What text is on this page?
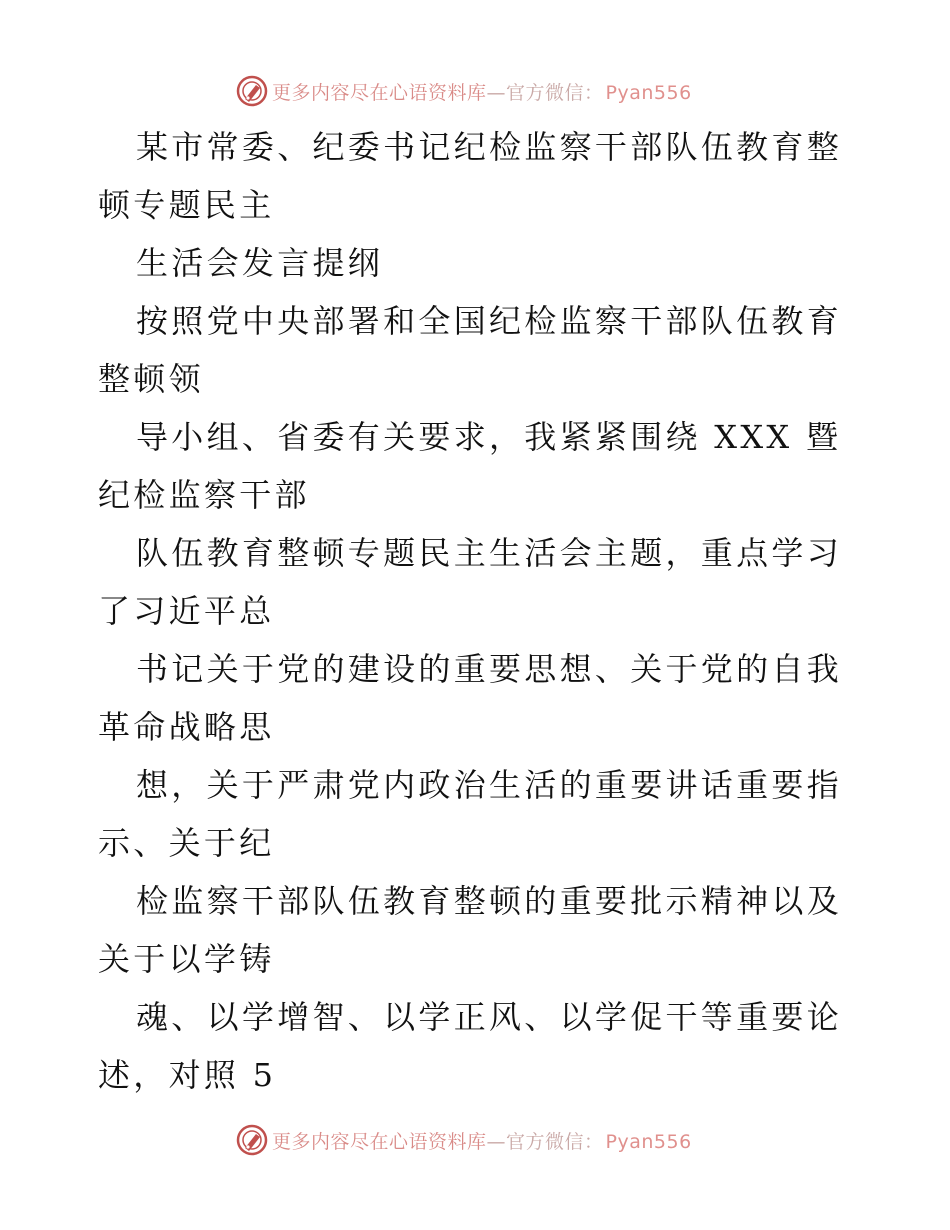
更多内容尽在心语资料库—官方微信： Pyan556

某市常委、纪委书记纪检监察干部队伍教育整顿专题民主

生活会发言提纲

按照党中央部署和全国纪检监察干部队伍教育整顿领

导小组、省委有关要求，我紧紧围绕 XXX 暨纪检监察干部

队伍教育整顿专题民主生活会主题，重点学习了习近平总

书记关于党的建设的重要思想、关于党的自我革命战略思

想，关于严肃党内政治生活的重要讲话重要指示、关于纪

检监察干部队伍教育整顿的重要批示精神以及关于以学铸

魂、以学增智、以学正风、以学促干等重要论述，对照 5

更多内容尽在心语资料库—官方微信： Pyan556
